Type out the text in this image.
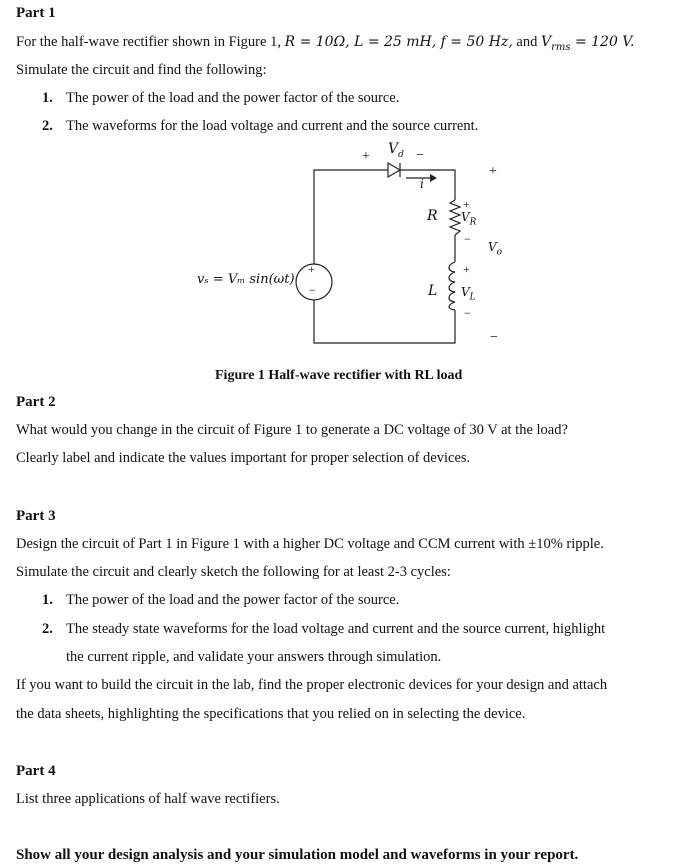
Part 1
For the half-wave rectifier shown in Figure 1, R = 10Ω, L = 25 mH, f = 50 Hz, and $V_{rms} = 120$ V.
Simulate the circuit and find the following:
1. The power of the load and the power factor of the source.
2. The waveforms for the load voltage and current and the source current.
+ $V_d$ −
i
+
R $V_R$
−
+
L $V_L$
−
+
$V_o$
−
+
−
vₛ = Vₘ sin(ωt)
Figure 1 Half-wave rectifier with RL load
Part 2
What would you change in the circuit of Figure 1 to generate a DC voltage of 30 V at the load?
Clearly label and indicate the values important for proper selection of devices.
Part 3
Design the circuit of Part 1 in Figure 1 with a higher DC voltage and CCM current with ±10% ripple.
Simulate the circuit and clearly sketch the following for at least 2-3 cycles:
1. The power of the load and the power factor of the source.
2. The steady state waveforms for the load voltage and current and the source current, highlight
the current ripple, and validate your answers through simulation.
If you want to build the circuit in the lab, find the proper electronic devices for your design and attach
the data sheets, highlighting the specifications that you relied on in selecting the device.
Part 4
List three applications of half wave rectifiers.
Show all your design analysis and your simulation model and waveforms in your report.
